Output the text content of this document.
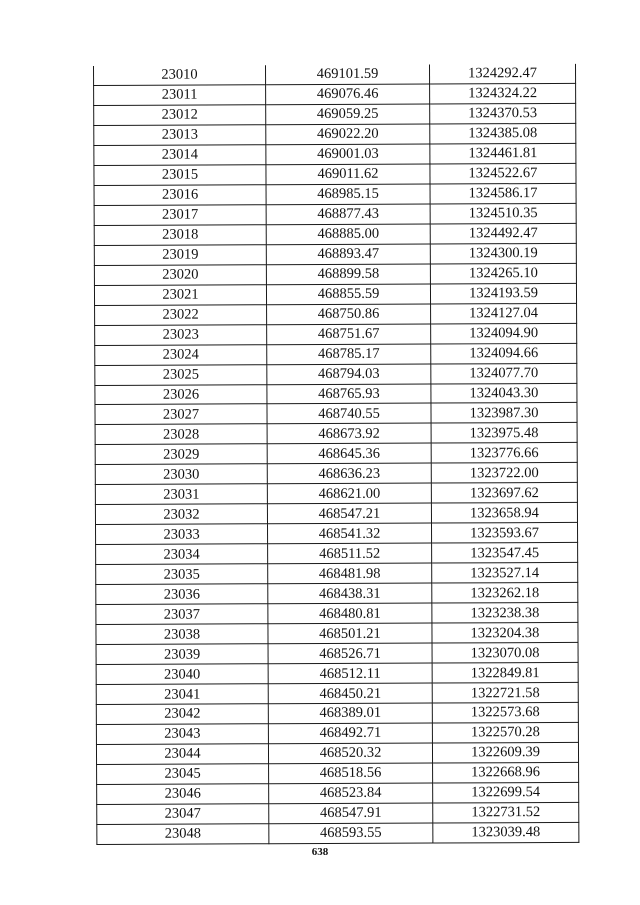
23010	469101.59	1324292.47
23011	469076.46	1324324.22
23012	469059.25	1324370.53
23013	469022.20	1324385.08
23014	469001.03	1324461.81
23015	469011.62	1324522.67
23016	468985.15	1324586.17
23017	468877.43	1324510.35
23018	468885.00	1324492.47
23019	468893.47	1324300.19
23020	468899.58	1324265.10
23021	468855.59	1324193.59
23022	468750.86	1324127.04
23023	468751.67	1324094.90
23024	468785.17	1324094.66
23025	468794.03	1324077.70
23026	468765.93	1324043.30
23027	468740.55	1323987.30
23028	468673.92	1323975.48
23029	468645.36	1323776.66
23030	468636.23	1323722.00
23031	468621.00	1323697.62
23032	468547.21	1323658.94
23033	468541.32	1323593.67
23034	468511.52	1323547.45
23035	468481.98	1323527.14
23036	468438.31	1323262.18
23037	468480.81	1323238.38
23038	468501.21	1323204.38
23039	468526.71	1323070.08
23040	468512.11	1322849.81
23041	468450.21	1322721.58
23042	468389.01	1322573.68
23043	468492.71	1322570.28
23044	468520.32	1322609.39
23045	468518.56	1322668.96
23046	468523.84	1322699.54
23047	468547.91	1322731.52
23048	468593.55	1323039.48
638
